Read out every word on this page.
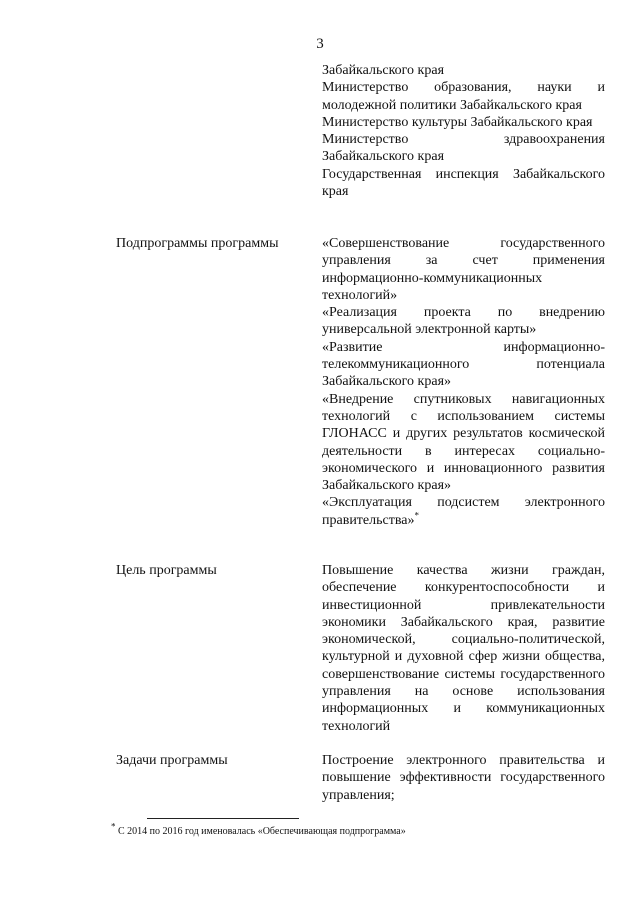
3

Забайкальского края

Министерство образования, науки и молодежной политики Забайкальского края

Министерство культуры Забайкальского края

Министерство здравоохранения Забайкальского края

Государственная инспекция Забайкальского края

Подпрограммы программы	«Совершенствование государственного управления за счет применения информационно-коммуникационных технологий»

«Реализация проекта по внедрению универсальной электронной карты»

«Развитие информационно-телекоммуникационного потенциала Забайкальского края»

«Внедрение спутниковых навигационных технологий с использованием системы ГЛОНАСС и других результатов космической деятельности в интересах социально-экономического и инновационного развития Забайкальского края»

«Эксплуатация подсистем электронного правительства»*

Цель программы	Повышение качества жизни граждан, обеспечение конкурентоспособности и инвестиционной привлекательности экономики Забайкальского края, развитие экономической, социально-политической, культурной и духовной сфер жизни общества, совершенствование системы государственного управления на основе использования информационных и коммуникационных технологий

Задачи программы	Построение электронного правительства и повышение эффективности государственного управления;

* С 2014 по 2016 год именовалась «Обеспечивающая подпрограмма»
